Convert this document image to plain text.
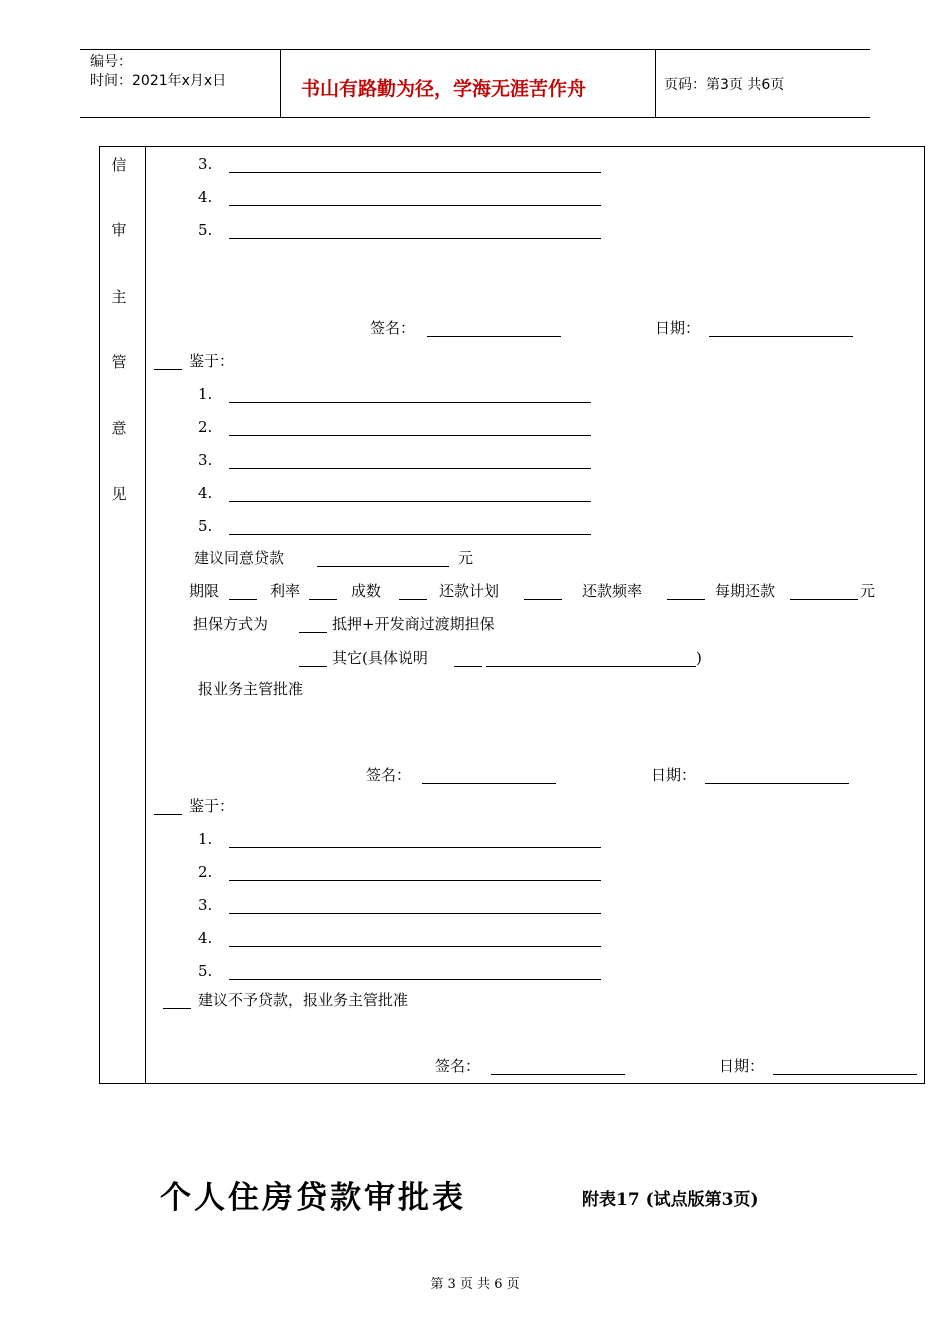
编号：
时间：2021年x月x日	书山有路勤为径，学海无涯苦作舟	页码：第3页 共6页
信
审
主
管
意
见
3.
4.
5.
签名：	日期：
鉴于：
1.
2.
3.
4.
5.
建议同意贷款	元
期限	利率	成数	还款计划	还款频率	每期还款	元
担保方式为	抵押+开发商过渡期担保
其它(具体说明	)
报业务主管批准
签名：	日期：
鉴于：
1.
2.
3.
4.
5.
建议不予贷款，报业务主管批准
签名：	日期：
个人住房贷款审批表	附表17 (试点版第3页)
第 3 页 共 6 页
